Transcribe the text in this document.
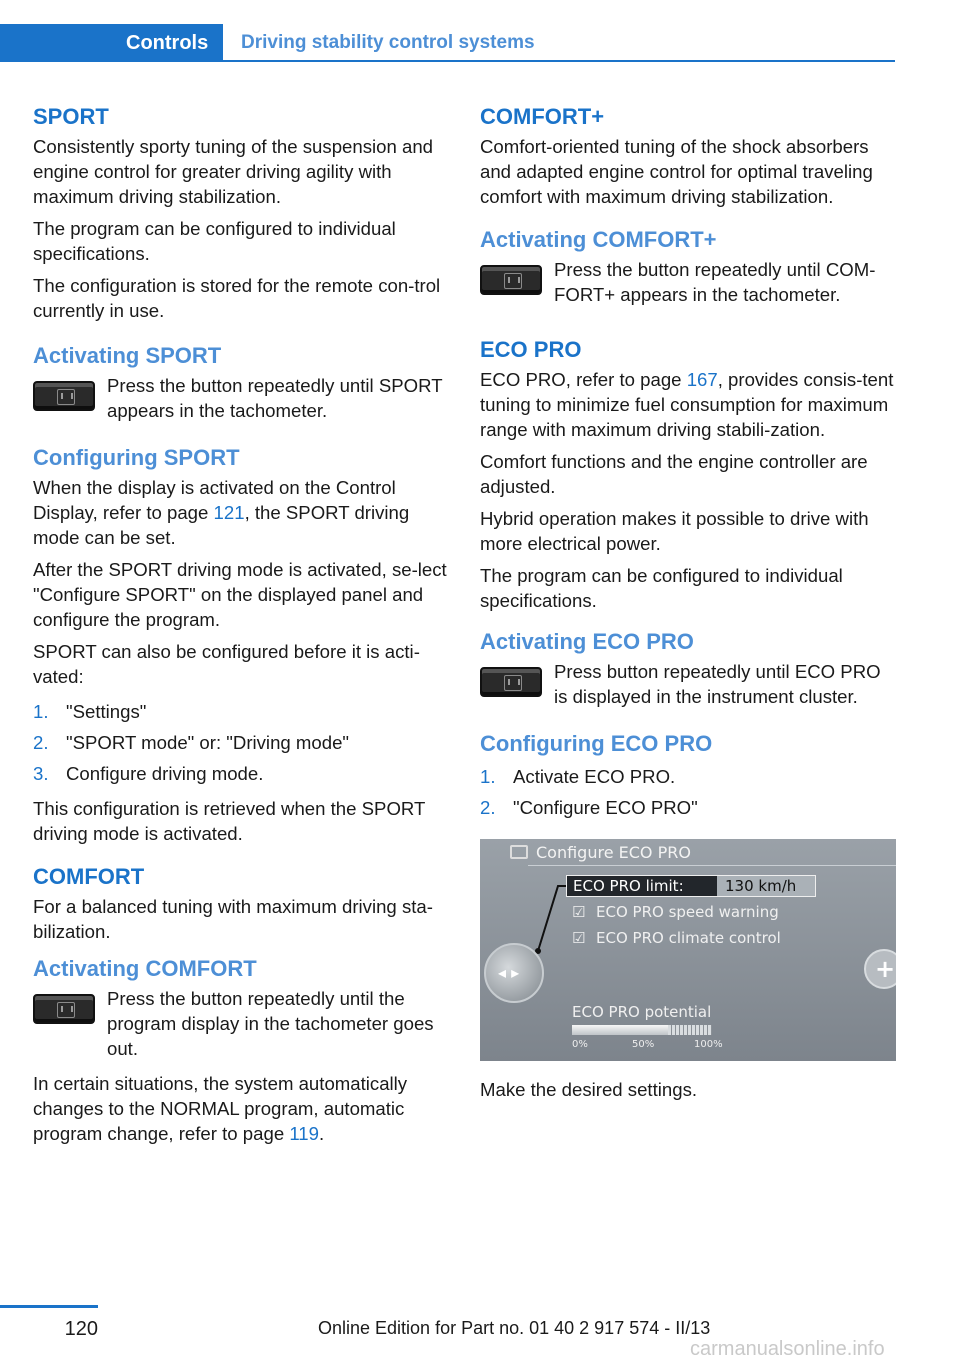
Controls	Driving stability control systems
SPORT

Consistently sporty tuning of the suspension and engine control for greater driving agility with maximum driving stabilization.

The program can be configured to individual specifications.

The configuration is stored for the remote con‐trol currently in use.

Activating SPORT

Press the button repeatedly until SPORT appears in the tachometer.

Configuring SPORT

When the display is activated on the Control Display, refer to page 121, the SPORT driving mode can be set.

After the SPORT driving mode is activated, se‐lect "Configure SPORT" on the displayed panel and configure the program.

SPORT can also be configured before it is acti‐vated:

1. "Settings"
2. "SPORT mode" or: "Driving mode"
3. Configure driving mode.

This configuration is retrieved when the SPORT driving mode is activated.

COMFORT

For a balanced tuning with maximum driving sta‐bilization.

Activating COMFORT

Press the button repeatedly until the program display in the tachometer goes out.

In certain situations, the system automatically changes to the NORMAL program, automatic program change, refer to page 119.

COMFORT+

Comfort-oriented tuning of the shock absorbers and adapted engine control for optimal traveling comfort with maximum driving stabilization.

Activating COMFORT+

Press the button repeatedly until COM‐FORT+ appears in the tachometer.

ECO PRO

ECO PRO, refer to page 167, provides consis‐tent tuning to minimize fuel consumption for maximum range with maximum driving stabili‐zation.

Comfort functions and the engine controller are adjusted.

Hybrid operation makes it possible to drive with more electrical power.

The program can be configured to individual specifications.

Activating ECO PRO

Press button repeatedly until ECO PRO is displayed in the instrument cluster.

Configuring ECO PRO
1. Activate ECO PRO.
2. "Configure ECO PRO"
Configure ECO PRO
ECO PRO limit:	130 km/h
☑ ECO PRO speed warning
☑ ECO PRO climate control
◂ ▸
+
ECO PRO potential
0%	50%	100%

Make the desired settings.

120	Online Edition for Part no. 01 40 2 917 574 - II/13
carmanualsonline.info
